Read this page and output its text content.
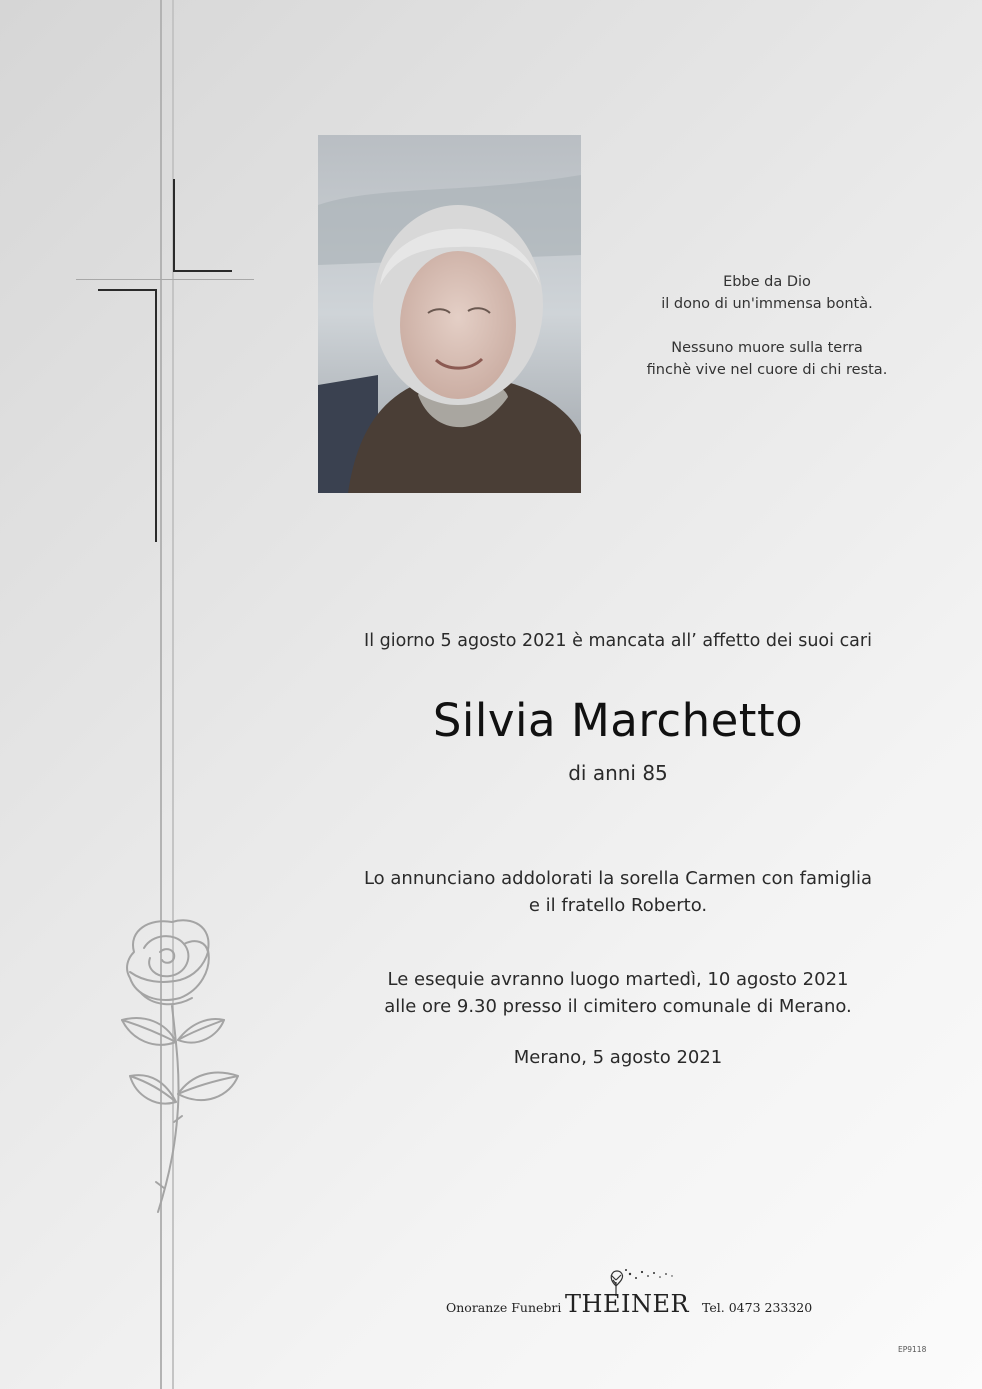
Ebbe da Dio

il dono di un'immensa bontà.

Nessuno muore sulla terra

finchè vive nel cuore di chi resta.

Il giorno 5 agosto 2021 è mancata all’ affetto dei suoi cari
Silvia Marchetto
di anni 85

Lo annunciano addolorati la sorella Carmen con famiglia

e il fratello Roberto.

Le esequie avranno luogo martedì, 10 agosto 2021

alle ore 9.30 presso il cimitero comunale di Merano.

Merano, 5 agosto 2021
Onoranze Funebri THEINER Tel. 0473 233320
EP9118
